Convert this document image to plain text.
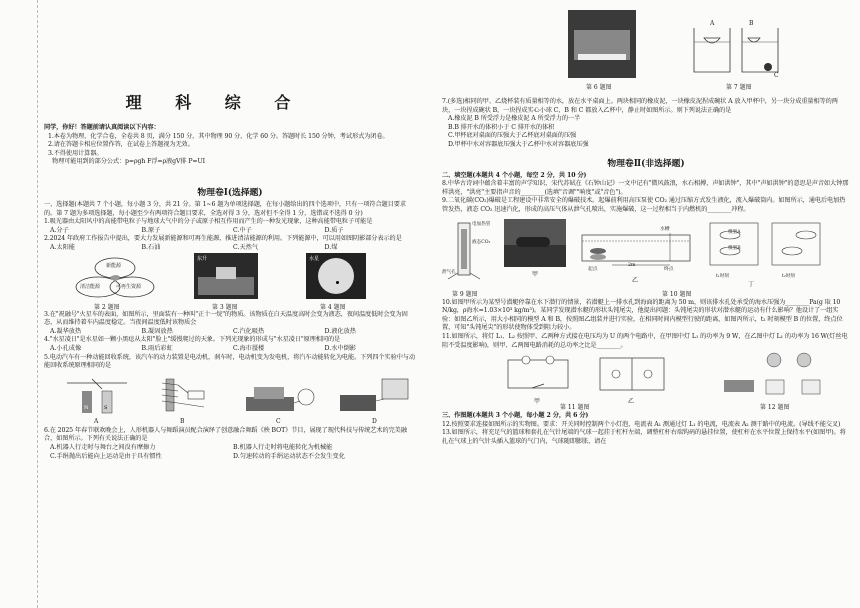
理 科 综 合
同学，你好！答题前请认真阅读以下内容：
1.本卷为物理、化学合卷，全卷共 8 页，满分 150 分，其中物理 90 分，化学 60 分。答题时长 150 分钟，考试形式为闭卷。
2.请在答题卡相应位置作答，在试卷上答题视为无效。
3.不得使用计算器。
物理可能用到的部分公式：p=ρgh F浮=ρ液gV排 P=UI
物理卷Ⅰ(选择题)
一、选择题(本题共 7 个小题，每小题 3 分，共 21 分。第 1~6 题为单项选择题，在每小题给出的四个选项中，只有一项符合题目要求的。第 7 题为多项选择题，每小题至少有两项符合题目要求，全选对得 3 分，选对但不全得 1 分，选错或不选得 0 分)
1.吸光器由太阳风中的高能带电粒子与地球大气中的分子或原子相互作用而产生的一种发光现象，这种高能带电粒子可能是
A.分子	B.原子	C.中子	D.质子
2.2024 年政府工作报告中提出，要大力发展新能源和可再生能源，推进清洁能源的利用。下列能源中，可以用如图阴影部分表示的是
A.太阳能	B.石油	C.天然气	D.煤
新能源
清洁能源	可再生资源
东升	水星
第 2 题图	第 3 题图	第 4 题图
3.在"祝融号"火星车的表面，如图所示，里面装有一种叫"正十一烷"的物质。该物质在白天温度高时会变为液态，夜间温度低时会变为固态，从而维持着车内温度稳定。当夜间温度低时该物质会
A.凝华放热	B.凝固放热	C.汽化吸热	D.液化放热
4."水星凌日"是水星如一颗小黑痣从太阳"脸上"缓慢爬过的天象。下列光现象的形成与"水星凌日"原理相同的是
A.小孔成像	B.雨后彩虹	C.海市蜃楼	D.水中倒影
5.电动汽车有一种动能回收系统，该汽车的动力装置是电动机，刹车时，电动机变为发电机，将汽车动能转化为电能。下列四个实验中与动能回收系统原理相同的是
N	S
A	B	C	D
6.在 2025 年春节联欢晚会上，人形机器人与舞蹈演员配合演绎了创意融合舞蹈《秧 BOT》节目，展现了现代科技与传统艺术的完美融合，如图所示。下列有关说法正确的是
A.机器人行走时与舞台之间没有摩擦力	B.机器人行走时将电能转化为机械能
C.手绢抛出后能向上运动是由于具有惯性	D.匀速转动的手绢运动状态不会发生变化
第 6 题图
A	B
C
第 7 题图
7.(多选)相同的甲、乙烧杯装有质量相等的水，放在水平桌面上。两块相同的橡皮泥，一块橡皮泥捏成碗状 A 放入甲杯中，另一块分成重量相等的两块，一块捏成碗状 B，一块捏成实心小球 C，B 和 C 都放入乙杯中，静止时如图所示。则下列说法正确的是
A.橡皮泥 B 所受浮力是橡皮泥 A 所受浮力的一半
B.B 排开水的体积小于 C 排开水的体积
C.甲杯底对桌面的压强大于乙杯底对桌面的压强
D.甲杯中水对容器底压强大于乙杯中水对容器底压强
物理卷Ⅱ(非选择题)
二、填空题(本题共 4 个小题，每空 2 分，共 10 分)
8.中华古诗词中蕴含着丰富的声学知识，宋代苏轼在《石钟山记》一文中记有"微风鼓浪，水石相搏，声如洪钟"，其中"声如洪钟"的意思是声音如大钟那样洪亮，"洪亮"主要指声音的________(选填"音调""响度"或"音色")。
9.二氧化碳(CO₂)爆破是工程建设中非常安全的爆破技术。起爆前利用高压泵使 CO₂ 通过压缩方式发生液化，流入爆破筒内。如图所示，通电后电加热管发热，液态 CO₂ 迅速汽化，形成的高压气体从泄气孔喷出，实施爆破，这一过程相当于内燃机的________冲程。
电加热管
液态CO₂
泄气孔	甲
水槽
起点
2m
终点
乙
模型A
模型B
t₁时刻	t₂时刻
丁
第 9 题图	第 10 题图
10.如图甲所示为某型号潜艇停靠在水下潜行的情景，若潜艇上一排水孔到海面的距离为 50 m，则该排水孔处承受的海水压强为________Pa(g 取 10 N/kg，ρ海水=1.03×10³ kg/m³)。某同学发现潜水艇的形状头钝尾尖，他提出问题：头钝尾尖的形状对潜水艇的运动有什么影响？他设计了一组实验：如图乙所示，用大小相同的模型 A 和 B，按照图乙组装并进行实验，在相同时间内模型行驶的距离，如图丙所示，t₂ 时刻模型 B 的位置，终点位置，可知"头钝尾尖"的形状使物体受到阻力较小。
11.如图所示，将灯 L₁、L₂ 按照甲、乙两种方式接在电压均为 U 的两个电路中，在甲图中灯 L₁ 的功率为 9 W，在乙图中灯 L₁ 的功率为 16 W(灯丝电阻不受温度影响)，则甲、乙两图电路消耗的总功率之比是________。
甲	乙
第 11 题图	第 12 题图
三、作图题(本题共 3 个小题，每小题 2 分，共 6 分)
12.按照要求连接如图所示的实物图。要求：开关同时控制两个小灯泡，电流表 A₁ 测通过灯 L₁ 的电流，电流表 A₂ 测干路中的电流。(导线不能交叉)
13.如图所示，将充足气的篮球和套扎在气针尾端的气球一起挂于杠杆左端，调整杠杆右端钩码的悬挂位置，使杠杆在水平位置上保持水平(如图甲)。将扎在气球上的气针头插入篮球的气门内，气球随即膨胀，请在
